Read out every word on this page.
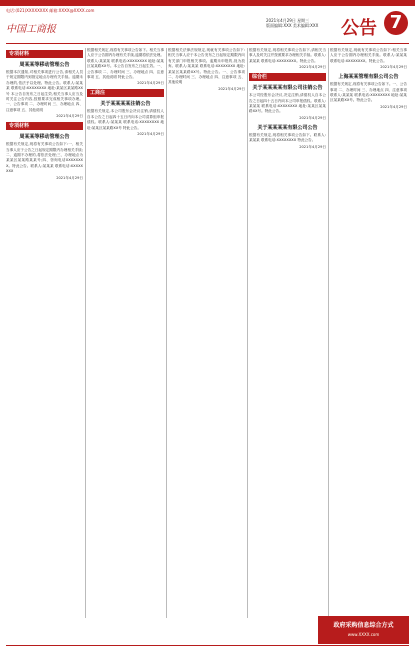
电话:(021)XXXXXXXX 邮箱:XXXX@XXXX.com
中国工商报
2021年4月29日 星期三
版面编辑:XXX 美术编辑:XXX 公告 7
专项材料
周某某等移动管理公告
根据本次通知,对相关事项进行公告,请相关人员于规定期限内到指定地点办理有关手续。逾期未办理的,依法予以处理。特此公告。联系人:某某某 联系电话:XXXXXXXX 地址:某某区某某路XX号 本公告自发布之日起生效,相关当事人应当及时关注公告内容,按照要求完成相关事项办理。一、公告事项 二、办理时间 三、办理地点 四、注意事项 五、其他说明
2021年4月29日
专项材料
周某某等移动管理公告
根据有关规定,现将有关事项公告如下:一、相关当事人应于公告之日起规定期限内办理相关手续;二、逾期不办理的,将依法处理;三、办理地点为某某区某某路某某号;四、咨询电话XXXXXXXX。特此公告。联系人:某某某 联系电话:XXXXXXXX
2021年4月29日
根据相关规定,现将有关事项公告如下。相关当事人应于公告期内办理有关手续,逾期将依法处理。联系人:某某某 联系电话:XXXXXXXX 地址:某某区某某路XX号。本公告自发布之日起生效。一、公告事项 二、办理时间 三、办理地点 四、注意事项 五、其他说明 特此公告。
2021年4月29日
工商注
关于某某某某注销公告
根据有关规定,本公司股东会决议注销,请债权人自本公告之日起四十五日内向本公司清算组申报债权。联系人:某某某 联系电话:XXXXXXXX 地址:某某区某某路XX号 特此公告。
2021年4月29日
根据相关法律法规规定,现就有关事项公告如下:相关当事人应于本公告发布之日起规定期限内向有关部门申报相关事项。逾期未申报的,视为放弃。联系人:某某某 联系电话:XXXXXXXX 地址:某某区某某路XX号。特此公告。一、公告事项 二、办理时间 三、办理地点 四、注意事项 五、其他说明
2021年4月29日
根据有关规定,现将相关事项公告如下,请相关当事人及时关注并按照要求办理相关手续。联系人:某某某 联系电话:XXXXXXXX。特此公告。
2021年4月29日
综合栏
关于某某某某有限公司注销公告
本公司经股东会决议,决定注销,请债权人自本公告之日起四十五日内向本公司申报债权。联系人:某某某 联系电话:XXXXXXXX 地址:某某区某某路XX号。特此公告。
2021年4月29日
关于某某某某有限公司公告
根据有关规定,现将相关事项公告如下。联系人:某某某 联系电话:XXXXXXXX 特此公告。
2021年4月29日
根据有关规定,现就有关事项公告如下:相关当事人应于公告期内办理相关手续。联系人:某某某 联系电话:XXXXXXXX。特此公告。
2021年4月29日
上海某某管理有限公司公告
根据有关规定,现将有关事项公告如下。一、公告事项 二、办理时间 三、办理地点 四、注意事项 联系人:某某某 联系电话:XXXXXXXX 地址:某某区某某路XX号。特此公告。
2021年4月29日
政府采购信息综合方式
www.XXXX.com
